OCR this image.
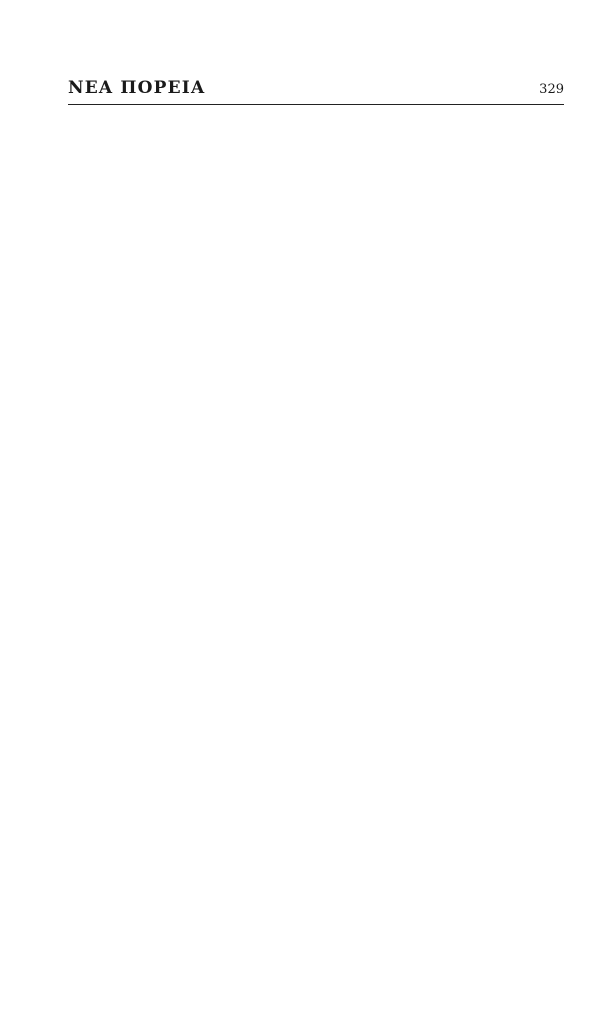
ΝΕΑ ΠΟΡΕΙΑ	329
